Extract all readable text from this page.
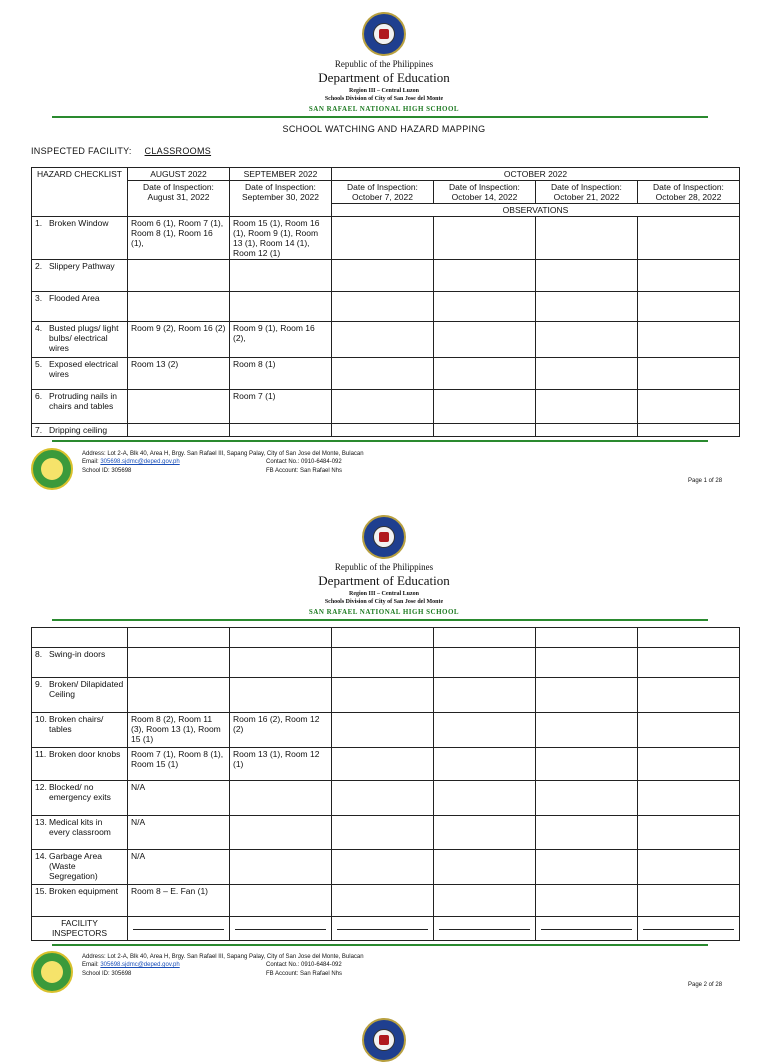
Republic of the Philippines
Department of Education
Region III – Central Luzon
Schools Division of City of San Jose del Monte
SAN RAFAEL NATIONAL HIGH SCHOOL
SCHOOL WATCHING AND HAZARD MAPPING
INSPECTED FACILITY: CLASSROOMS
HAZARD CHECKLIST	AUGUST 2022	SEPTEMBER 2022	OCTOBER 2022			
	Date of Inspection: August 31, 2022	Date of Inspection: September 30, 2022	Date of Inspection: October 7, 2022	Date of Inspection: October 14, 2022	Date of Inspection: October 21, 2022	Date of Inspection: October 28, 2022
			OBSERVATIONS			

1. Broken Window	Room 6 (1), Room 7 (1), Room 8 (1), Room 16 (1),	Room 15 (1), Room 16 (1), Room 9 (1), Room 13 (1), Room 14 (1), Room 12 (1)				

2. Slippery Pathway						

3. Flooded Area						

4. Busted plugs/ light bulbs/ electrical wires	Room 9 (2), Room 16 (2)	Room 9 (1), Room 16 (2),				

5. Exposed electrical wires	Room 13 (2)	Room 8 (1)				

6. Protruding nails in chairs and tables		Room 7 (1)				

7. Dripping ceiling						

Address: Lot 2-A, Blk 40, Area H, Brgy. San Rafael III, Sapang Palay, City of San Jose del Monte, Bulacan
Email: 305698.sjdmc@deped.gov.ph	Contact No.: 0910-6484-092
School ID: 305698	FB Account: San Rafael Nhs
Page 1 of 28
Republic of the Philippines
Department of Education
Region III – Central Luzon
Schools Division of City of San Jose del Monte
SAN RAFAEL NATIONAL HIGH SCHOOL

8. Swing-in doors						

9. Broken/ Dilapidated Ceiling						

10. Broken chairs/ tables	Room 8 (2), Room 11 (3), Room 13 (1), Room 15 (1)	Room 16 (2), Room 12 (2)				

11. Broken door knobs	Room 7 (1), Room 8 (1), Room 15 (1)	Room 13 (1), Room 12 (1)				

12. Blocked/ no emergency exits	N/A					

13. Medical kits in every classroom	N/A					

14. Garbage Area (Waste Segregation)	N/A					

15. Broken equipment	Room 8 – E. Fan (1)					
FACILITY INSPECTORS	

Address: Lot 2-A, Blk 40, Area H, Brgy. San Rafael III, Sapang Palay, City of San Jose del Monte, Bulacan
Email: 305698.sjdmc@deped.gov.ph	Contact No.: 0910-6484-092
School ID: 305698	FB Account: San Rafael Nhs
Page 2 of 28
